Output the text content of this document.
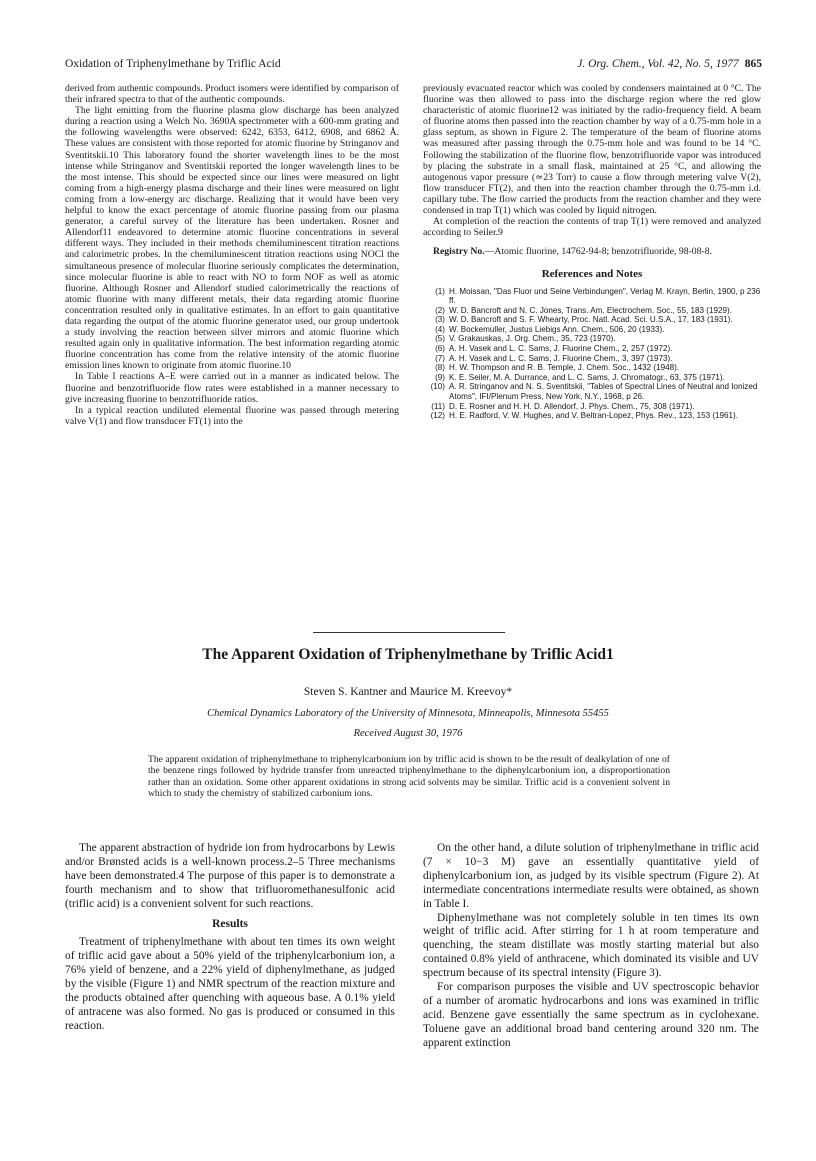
Oxidation of Triphenylmethane by Triflic Acid	J. Org. Chem., Vol. 42, No. 5, 1977 865

derived from authentic compounds. Product isomers were identified by comparison of their infrared spectra to that of the authentic compounds.

The light emitting from the fluorine plasma glow discharge has been analyzed during a reaction using a Welch No. 3690A spectrometer with a 600-mm grating and the following wavelengths were observed: 6242, 6353, 6412, 6908, and 6862 Å. These values are consistent with those reported for atomic fluorine by Stringanov and Sventitskii.10 This laboratory found the shorter wavelength lines to be the most intense while Stringanov and Sventitskii reported the longer wavelength lines to be the most intense. This should be expected since our lines were measured on light coming from a high-energy plasma discharge and their lines were measured on light coming from a low-energy arc discharge. Realizing that it would have been very helpful to know the exact percentage of atomic fluorine passing from our plasma generator, a careful survey of the literature has been undertaken. Rosner and Allendorf11 endeavored to determine atomic fluorine concentrations in several different ways. They included in their methods chemiluminescent titration reactions and calorimetric probes. In the chemiluminescent titration reactions using NOCl the simultaneous presence of molecular fluorine seriously complicates the determination, since molecular fluorine is able to react with NO to form NOF as well as atomic fluorine. Although Rosner and Allendorf studied calorimetrically the reactions of atomic fluorine with many different metals, their data regarding atomic fluorine concentration resulted only in qualitative estimates. In an effort to gain quantitative data regarding the output of the atomic fluorine generator used, our group undertook a study involving the reaction between silver mirrors and atomic fluorine which resulted again only in qualitative information. The best information regarding atomic fluorine concentration has come from the relative intensity of the atomic fluorine emission lines known to originate from atomic fluorine.10

In Table I reactions A–E were carried out in a manner as indicated below. The fluorine and benzotrifluoride flow rates were established in a manner necessary to give increasing fluorine to benzotrifluoride ratios.

In a typical reaction undiluted elemental fluorine was passed through metering valve V(1) and flow transducer FT(1) into the

previously evacuated reactor which was cooled by condensers maintained at 0 °C. The fluorine was then allowed to pass into the discharge region where the red glow characteristic of atomic fluorine12 was initiated by the radio-frequency field. A beam of fluorine atoms then passed into the reaction chamber by way of a 0.75-mm hole in a glass septum, as shown in Figure 2. The temperature of the beam of fluorine atoms was measured after passing through the 0.75-mm hole and was found to be 14 °C. Following the stabilization of the fluorine flow, benzotrifluoride vapor was introduced by placing the substrate in a small flask, maintained at 25 °C, and allowing the autogenous vapor pressure (≃23 Torr) to cause a flow through metering valve V(2), flow transducer FT(2), and then into the reaction chamber through the 0.75-mm i.d. capillary tube. The flow carried the products from the reaction chamber and they were condensed in trap T(1) which was cooled by liquid nitrogen.

At completion of the reaction the contents of trap T(1) were removed and analyzed according to Seiler.9

Registry No.—Atomic fluorine, 14762-94-8; benzotrifluoride, 98-08-8.

References and Notes
(1) H. Moissan, "Das Fluor und Seine Verbindungen", Verlag M. Krayn, Berlin, 1900, p 236 ff.
(2) W. D. Bancroft and N. C. Jones, Trans. Am. Electrochem. Soc., 55, 183 (1929).
(3) W. D. Bancroft and S. F. Whearty, Proc. Natl. Acad. Sci. U.S.A., 17, 183 (1931).
(4) W. Bockemuller, Justus Liebigs Ann. Chem., 506, 20 (1933).
(5) V. Grakauskas, J. Org. Chem., 35, 723 (1970).
(6) A. H. Vasek and L. C. Sams, J. Fluorine Chem., 2, 257 (1972).
(7) A. H. Vasek and L. C. Sams, J. Fluorine Chem., 3, 397 (1973).
(8) H. W. Thompson and R. B. Temple, J. Chem. Soc., 1432 (1948).
(9) K. E. Seiler, M. A. Durrance, and L. C. Sams, J. Chromatogr., 63, 375 (1971).
(10) A. R. Stringanov and N. S. Sventitskii, "Tables of Spectral Lines of Neutral and Ionized Atoms", IFI/Plenum Press, New York, N.Y., 1968, p 26.
(11) D. E. Rosner and H. H. D. Allendorf, J. Phys. Chem., 75, 308 (1971).
(12) H. E. Radford, V. W. Hughes, and V. Beltran-Lopez, Phys. Rev., 123, 153 (1961).
The Apparent Oxidation of Triphenylmethane by Triflic Acid1
Steven S. Kantner and Maurice M. Kreevoy*
Chemical Dynamics Laboratory of the University of Minnesota, Minneapolis, Minnesota 55455
Received August 30, 1976
The apparent oxidation of triphenylmethane to triphenylcarbonium ion by triflic acid is shown to be the result of dealkylation of one of the benzene rings followed by hydride transfer from unreacted triphenylmethane to the diphenylcarbonium ion, a disproportionation rather than an oxidation. Some other apparent oxidations in strong acid solvents may be similar. Triflic acid is a convenient solvent in which to study the chemistry of stabilized carbonium ions.

The apparent abstraction of hydride ion from hydrocarbons by Lewis and/or Brønsted acids is a well-known process.2–5 Three mechanisms have been demonstrated.4 The purpose of this paper is to demonstrate a fourth mechanism and to show that trifluoromethanesulfonic acid (triflic acid) is a convenient solvent for such reactions.

Results

Treatment of triphenylmethane with about ten times its own weight of triflic acid gave about a 50% yield of the triphenylcarbonium ion, a 76% yield of benzene, and a 22% yield of diphenylmethane, as judged by the visible (Figure 1) and NMR spectrum of the reaction mixture and the products obtained after quenching with aqueous base. A 0.1% yield of antracene was also formed. No gas is produced or consumed in this reaction.

On the other hand, a dilute solution of triphenylmethane in triflic acid (7 × 10−3 M) gave an essentially quantitative yield of diphenylcarbonium ion, as judged by its visible spectrum (Figure 2). At intermediate concentrations intermediate results were obtained, as shown in Table I.

Diphenylmethane was not completely soluble in ten times its own weight of triflic acid. After stirring for 1 h at room temperature and quenching, the steam distillate was mostly starting material but also contained 0.8% yield of anthracene, which dominated its visible and UV spectrum because of its spectral intensity (Figure 3).

For comparison purposes the visible and UV spectroscopic behavior of a number of aromatic hydrocarbons and ions was examined in triflic acid. Benzene gave essentially the same spectrum as in cyclohexane. Toluene gave an additional broad band centering around 320 nm. The apparent extinction
